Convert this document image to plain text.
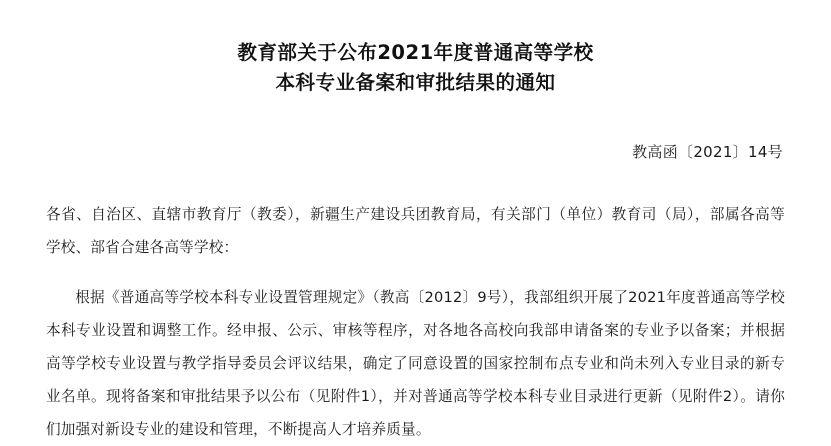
教育部关于公布2021年度普通高等学校
本科专业备案和审批结果的通知
教高函〔2021〕14号

各省、自治区、直辖市教育厅（教委），新疆生产建设兵团教育局，有关部门（单位）教育司（局），部属各高等学校、部省合建各高等学校：

根据《普通高等学校本科专业设置管理规定》（教高〔2012〕9号），我部组织开展了2021年度普通高等学校本科专业设置和调整工作。经申报、公示、审核等程序，对各地各高校向我部申请备案的专业予以备案；并根据高等学校专业设置与教学指导委员会评议结果，确定了同意设置的国家控制布点专业和尚未列入专业目录的新专业名单。现将备案和审批结果予以公布（见附件1），并对普通高等学校本科专业目录进行更新（见附件2）。请你们加强对新设专业的建设和管理，不断提高人才培养质量。
